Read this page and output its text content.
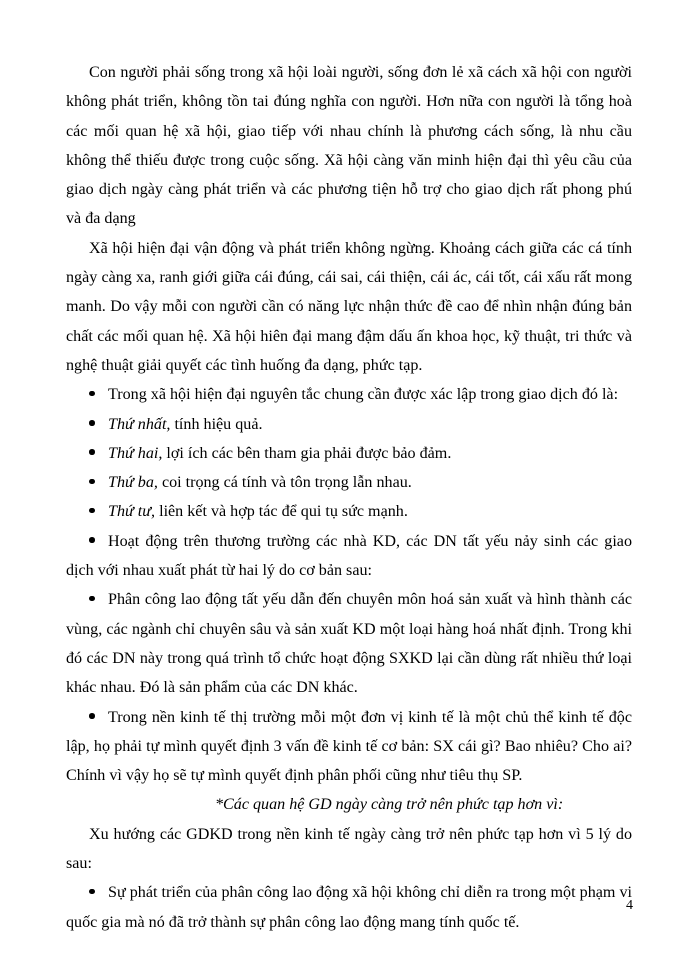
Con người phải sống trong xã hội loài người, sống đơn lẻ xã cách xã hội con người không phát triển, không tồn tai đúng nghĩa con người. Hơn nữa con người là tổng hoà các mối quan hệ xã hội, giao tiếp với nhau chính là phương cách sống, là nhu cầu không thể thiếu được trong cuộc sống. Xã hội càng văn minh hiện đại thì yêu cầu của giao dịch ngày càng phát triển và các phương tiện hỗ trợ cho giao dịch rất phong phú và đa dạng

Xã hội hiện đại vận động và phát triển không ngừng. Khoảng cách giữa các cá tính ngày càng xa, ranh giới giữa cái đúng, cái sai, cái thiện, cái ác, cái tốt, cái xấu rất mong manh. Do vậy mỗi con người cần có năng lực nhận thức đề cao để nhìn nhận đúng bản chất các mối quan hệ. Xã hội hiên đại mang đậm dấu ấn khoa học, kỹ thuật, tri thức và nghệ thuật giải quyết các tình huống đa dạng, phức tạp.

Trong xã hội hiện đại nguyên tắc chung cần được xác lập trong giao dịch đó là:

Thứ nhất, tính hiệu quả.

Thứ hai, lợi ích các bên tham gia phải được bảo đảm.

Thứ ba, coi trọng cá tính và tôn trọng lẫn nhau.

Thứ tư, liên kết và hợp tác để qui tụ sức mạnh.

Hoạt động trên thương trường các nhà KD, các DN tất yếu nảy sinh các giao dịch với nhau xuất phát từ hai lý do cơ bản sau:

Phân công lao động tất yếu dẫn đến chuyên môn hoá sản xuất và hình thành các vùng, các ngành chỉ chuyên sâu và sản xuất KD một loại hàng hoá nhất định. Trong khi đó các DN này trong quá trình tổ chức hoạt động SXKD lại cần dùng rất nhiều thứ loại khác nhau. Đó là sản phẩm của các DN khác.

Trong nền kinh tế thị trường mỗi một đơn vị kinh tế là một chủ thể kinh tế độc lập, họ phải tự mình quyết định 3 vấn đề kinh tế cơ bản: SX cái gì? Bao nhiêu? Cho ai? Chính vì vậy họ sẽ tự mình quyết định phân phối cũng như tiêu thụ SP.

*Các quan hệ GD ngày càng trở nên phức tạp hơn vì:

Xu hướng các GDKD trong nền kinh tế ngày càng trở nên phức tạp hơn vì 5 lý do sau:

Sự phát triển của phân công lao động xã hội không chỉ diễn ra trong một phạm vi quốc gia mà nó đã trở thành sự phân công lao động mang tính quốc tế.

4
